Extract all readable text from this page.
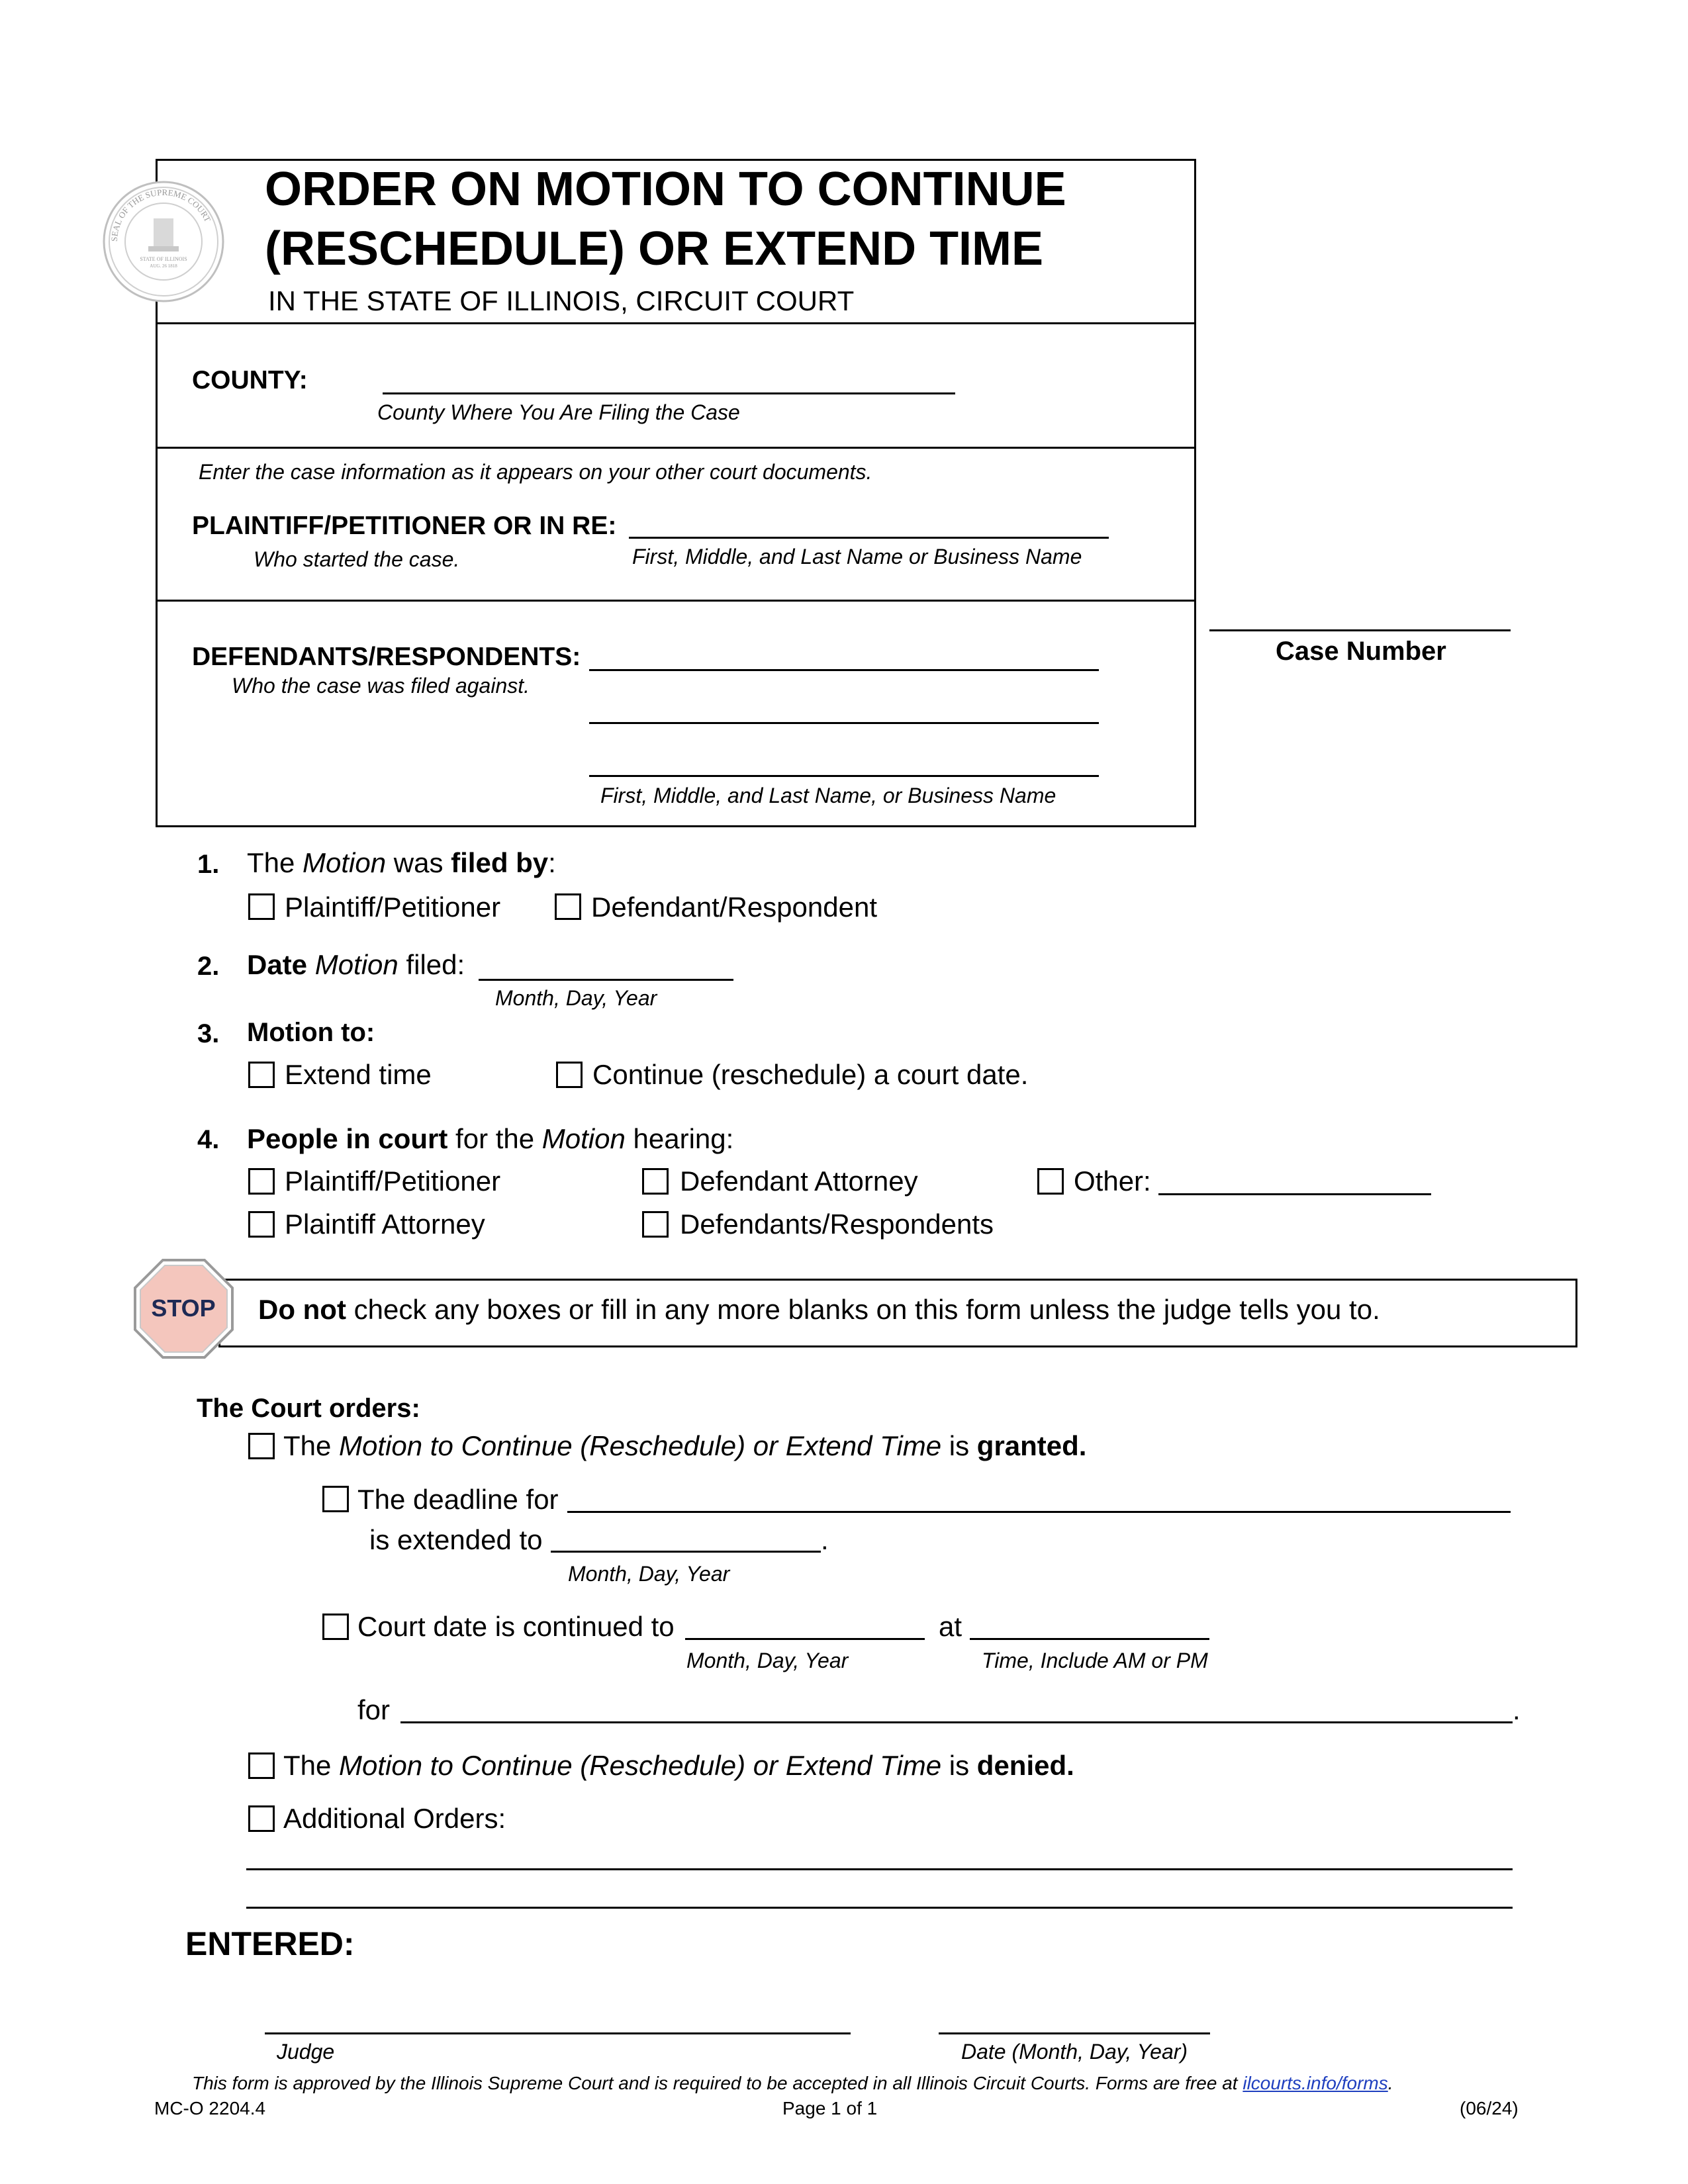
SEAL OF THE SUPREME COURT
STATE OF ILLINOIS
AUG. 26 1818
ORDER ON MOTION TO CONTINUE
(RESCHEDULE) OR EXTEND TIME
IN THE STATE OF ILLINOIS, CIRCUIT COURT
COUNTY:
County Where You Are Filing the Case
Enter the case information as it appears on your other court documents.
PLAINTIFF/PETITIONER OR IN RE:
Who started the case.	First, Middle, and Last Name or Business Name
DEFENDANTS/RESPONDENTS:
Who the case was filed against.
First, Middle, and Last Name, or Business Name
Case Number
1. The Motion was filed by:
Plaintiff/Petitioner	Defendant/Respondent
2. Date Motion filed:
Month, Day, Year
3. Motion to:
Extend time	Continue (reschedule) a court date.
4. People in court for the Motion hearing:
Plaintiff/Petitioner	Defendant Attorney	Other:
Plaintiff Attorney	Defendants/Respondents
STOP Do not check any boxes or fill in any more blanks on this form unless the judge tells you to.
The Court orders:
The Motion to Continue (Reschedule) or Extend Time is granted.
The deadline for
is extended to	.
Month, Day, Year
Court date is continued to	at
Month, Day, Year	Time, Include AM or PM
for	.
The Motion to Continue (Reschedule) or Extend Time is denied.
Additional Orders:
ENTERED:
Judge	Date (Month, Day, Year)
This form is approved by the Illinois Supreme Court and is required to be accepted in all Illinois Circuit Courts. Forms are free at ilcourts.info/forms.
MC-O 2204.4	Page 1 of 1	(06/24)
